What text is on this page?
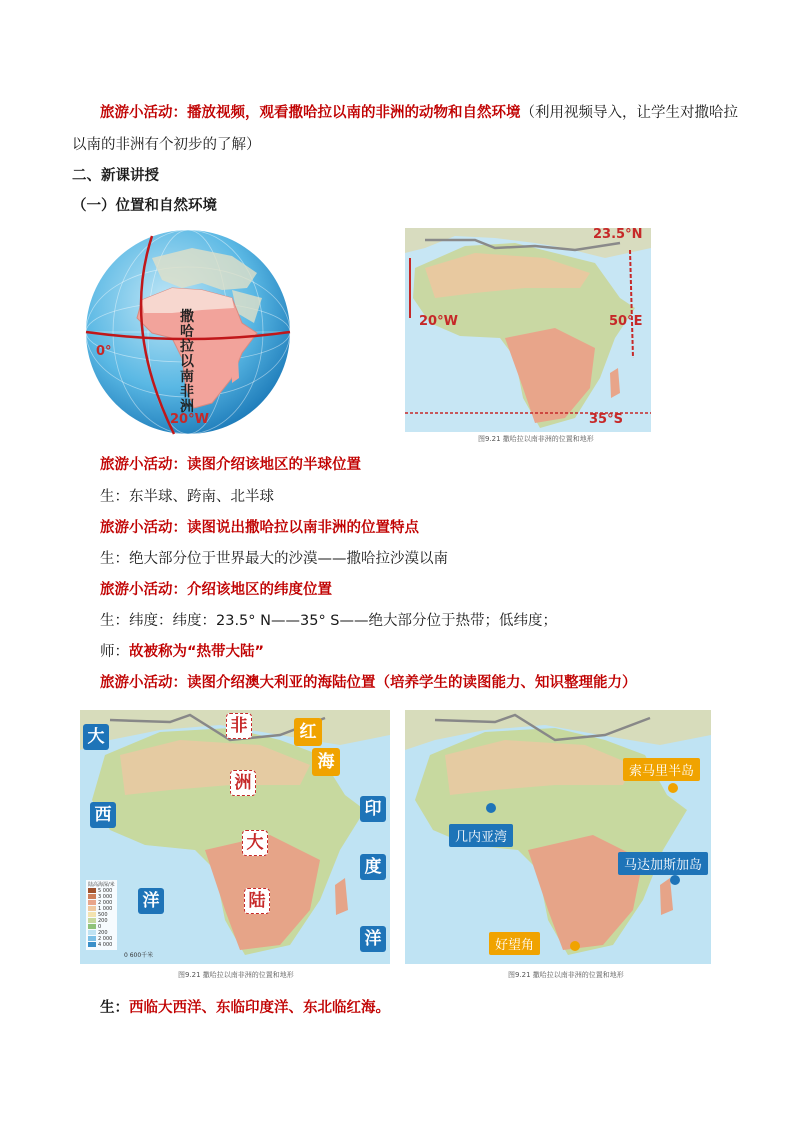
旅游小活动：播放视频，观看撒哈拉以南的非洲的动物和自然环境（利用视频导入，让学生对撒哈拉
以南的非洲有个初步的了解）
二、新课讲授
（一）位置和自然环境
撒哈拉以南非洲
0°
20°W
23.5°N
20°W	50°E
35°S
图9.21 撒哈拉以南非洲的位置和地形
旅游小活动：读图介绍该地区的半球位置
生：东半球、跨南、北半球
旅游小活动：读图说出撒哈拉以南非洲的位置特点
生：绝大部分位于世界最大的沙漠——撒哈拉沙漠以南
旅游小活动：介绍该地区的纬度位置
生：纬度：纬度：23.5° N——35° S——绝大部分位于热带；低纬度；
师：故被称为“热带大陆”
旅游小活动：读图介绍澳大利亚的海陆位置（培养学生的读图能力、知识整理能力）
大
西
洋
印
度
洋
红
海
非
洲
大
陆
陆高海深/米
5 000
3 000
2 000
1 000
500
200
0
200
2 000
4 000
0 600千米
图9.21 撒哈拉以南非洲的位置和地形
索马里半岛
几内亚湾
马达加斯加岛
好望角
图9.21 撒哈拉以南非洲的位置和地形
生：西临大西洋、东临印度洋、东北临红海。
